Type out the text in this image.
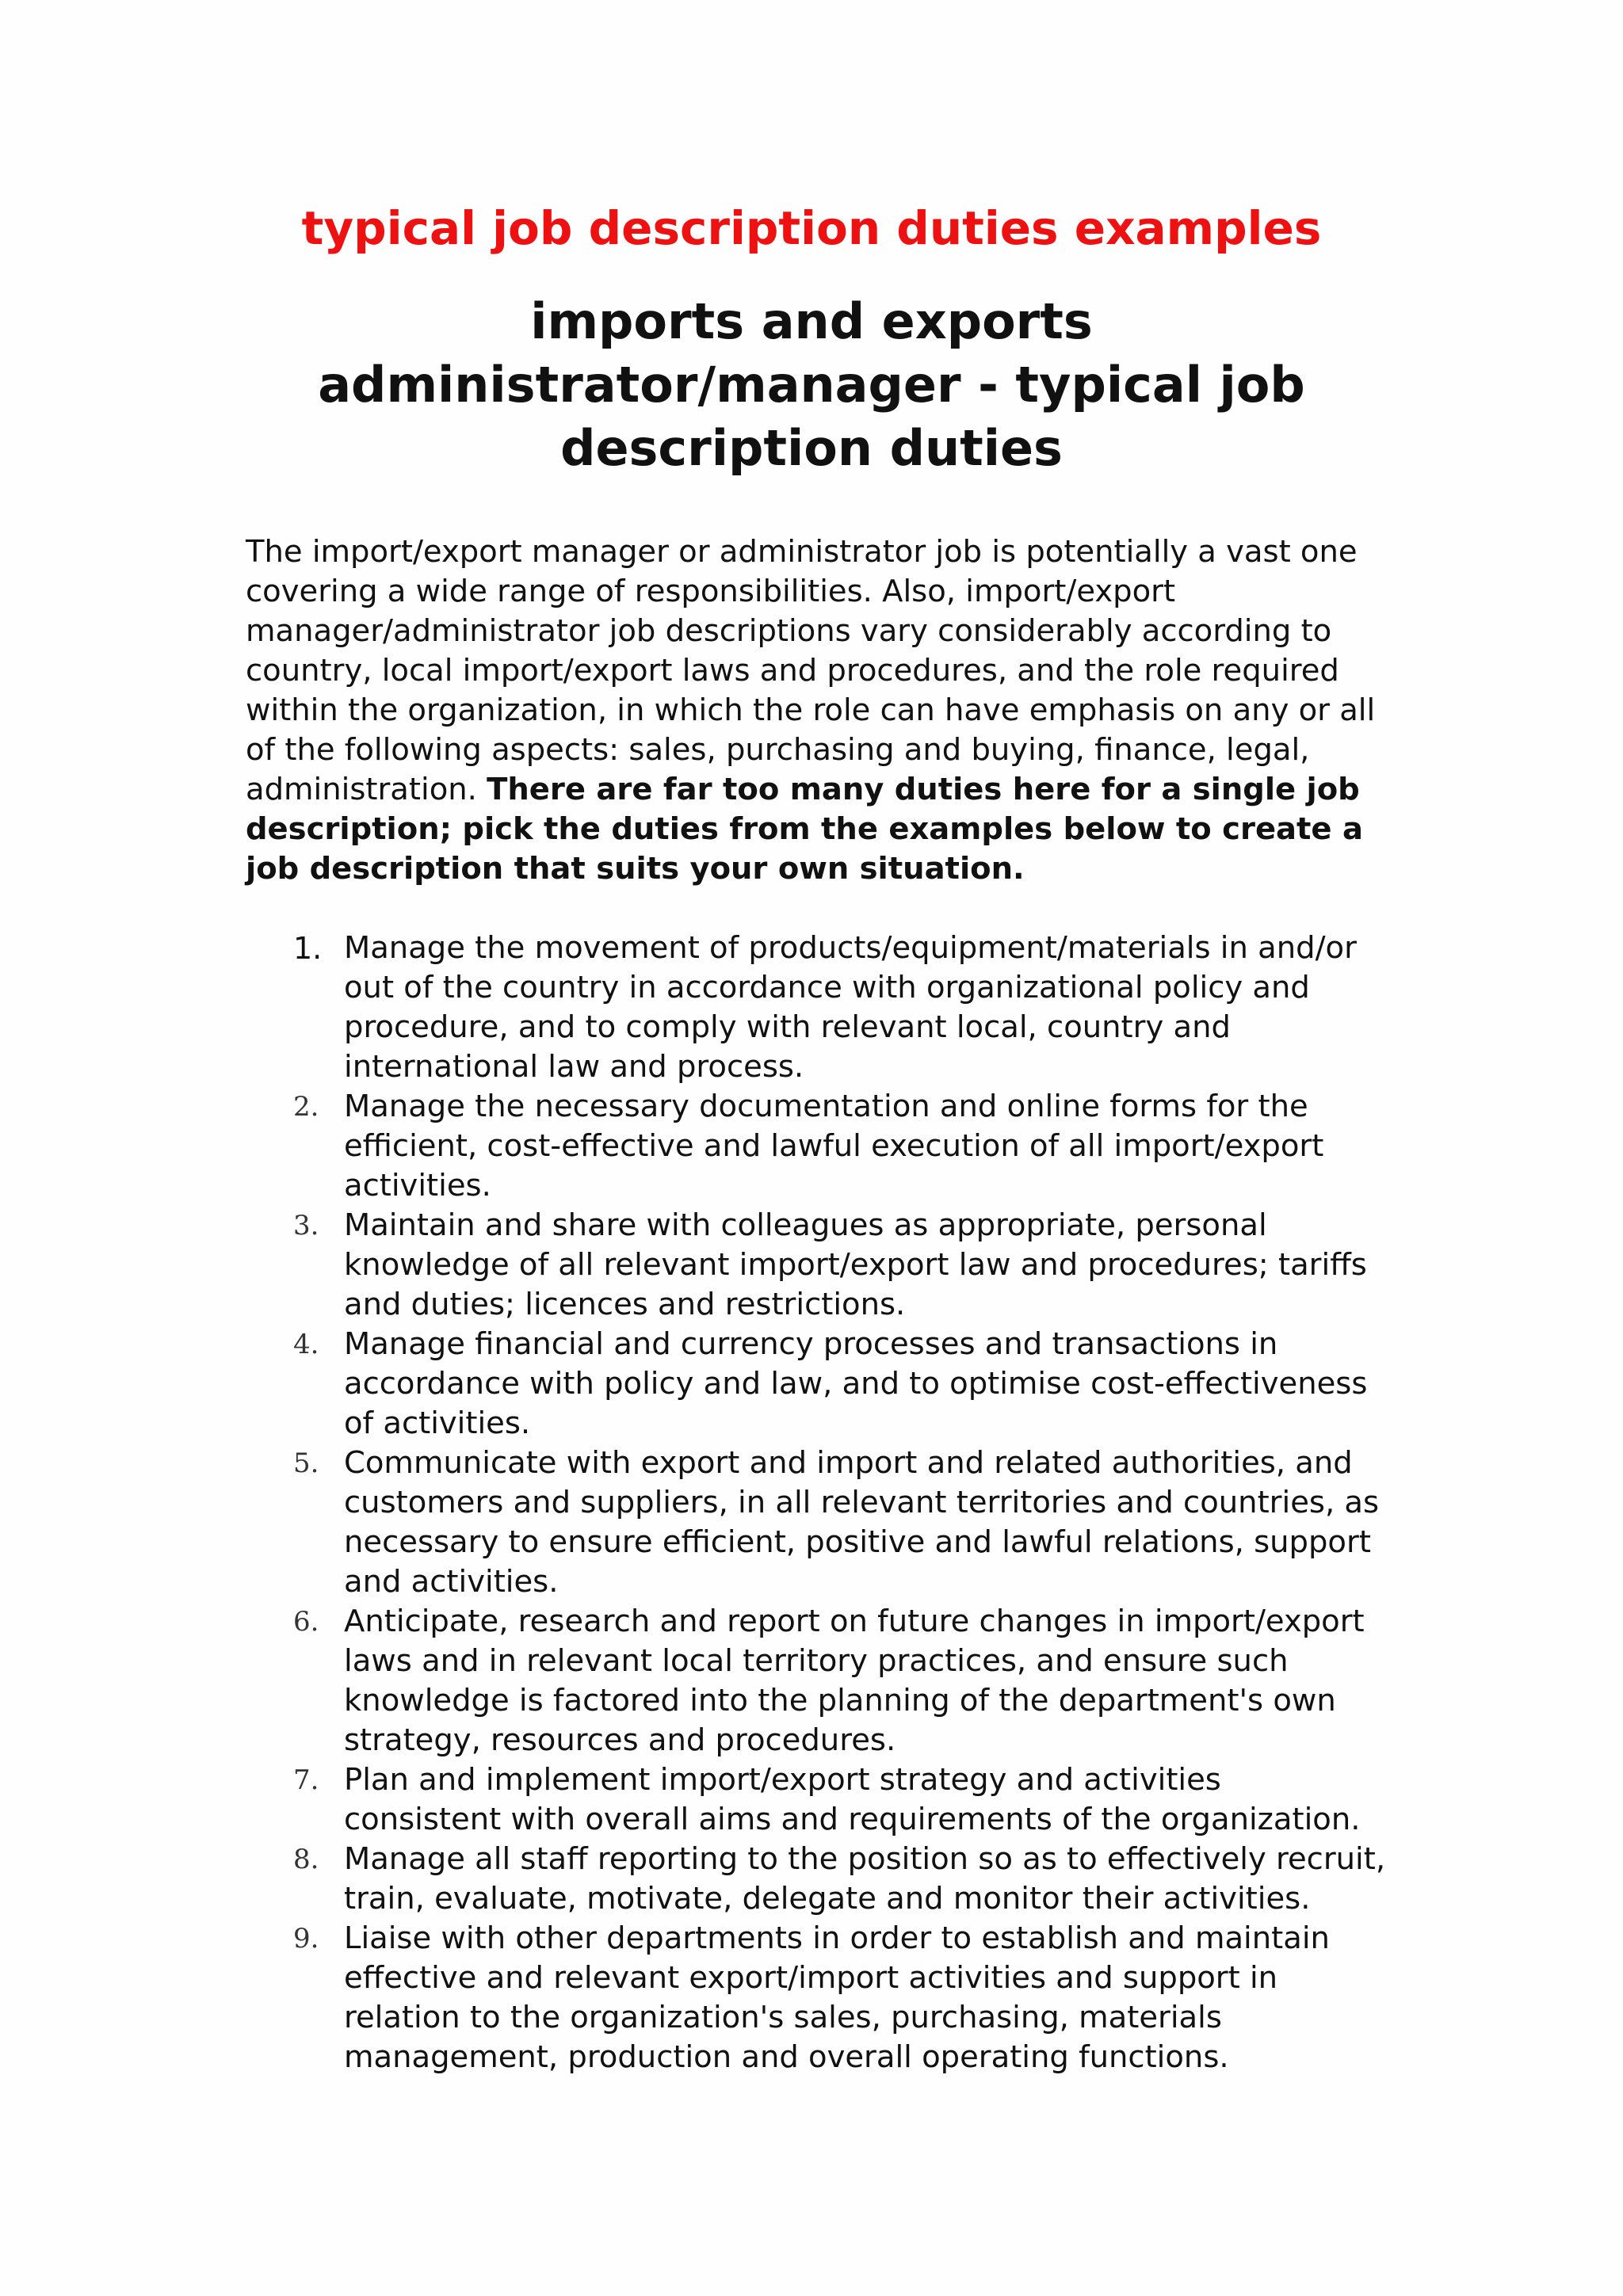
typical job description duties examples
imports and exports administrator/manager - typical job description duties

The import/export manager or administrator job is potentially a vast one covering a wide range of responsibilities. Also, import/export manager/administrator job descriptions vary considerably according to country, local import/export laws and procedures, and the role required within the organization, in which the role can have emphasis on any or all of the following aspects: sales, purchasing and buying, finance, legal, administration. There are far too many duties here for a single job description; pick the duties from the examples below to create a job description that suits your own situation.

1. Manage the movement of products/equipment/materials in and/or out of the country in accordance with organizational policy and procedure, and to comply with relevant local, country and international law and process.
2. Manage the necessary documentation and online forms for the efficient, cost-effective and lawful execution of all import/export activities.
3. Maintain and share with colleagues as appropriate, personal knowledge of all relevant import/export law and procedures; tariffs and duties; licences and restrictions.
4. Manage financial and currency processes and transactions in accordance with policy and law, and to optimise cost-effectiveness of activities.
5. Communicate with export and import and related authorities, and customers and suppliers, in all relevant territories and countries, as necessary to ensure efficient, positive and lawful relations, support and activities.
6. Anticipate, research and report on future changes in import/export laws and in relevant local territory practices, and ensure such knowledge is factored into the planning of the department's own strategy, resources and procedures.
7. Plan and implement import/export strategy and activities consistent with overall aims and requirements of the organization.
8. Manage all staff reporting to the position so as to effectively recruit, train, evaluate, motivate, delegate and monitor their activities.
9. Liaise with other departments in order to establish and maintain effective and relevant export/import activities and support in relation to the organization's sales, purchasing, materials management, production and overall operating functions.
